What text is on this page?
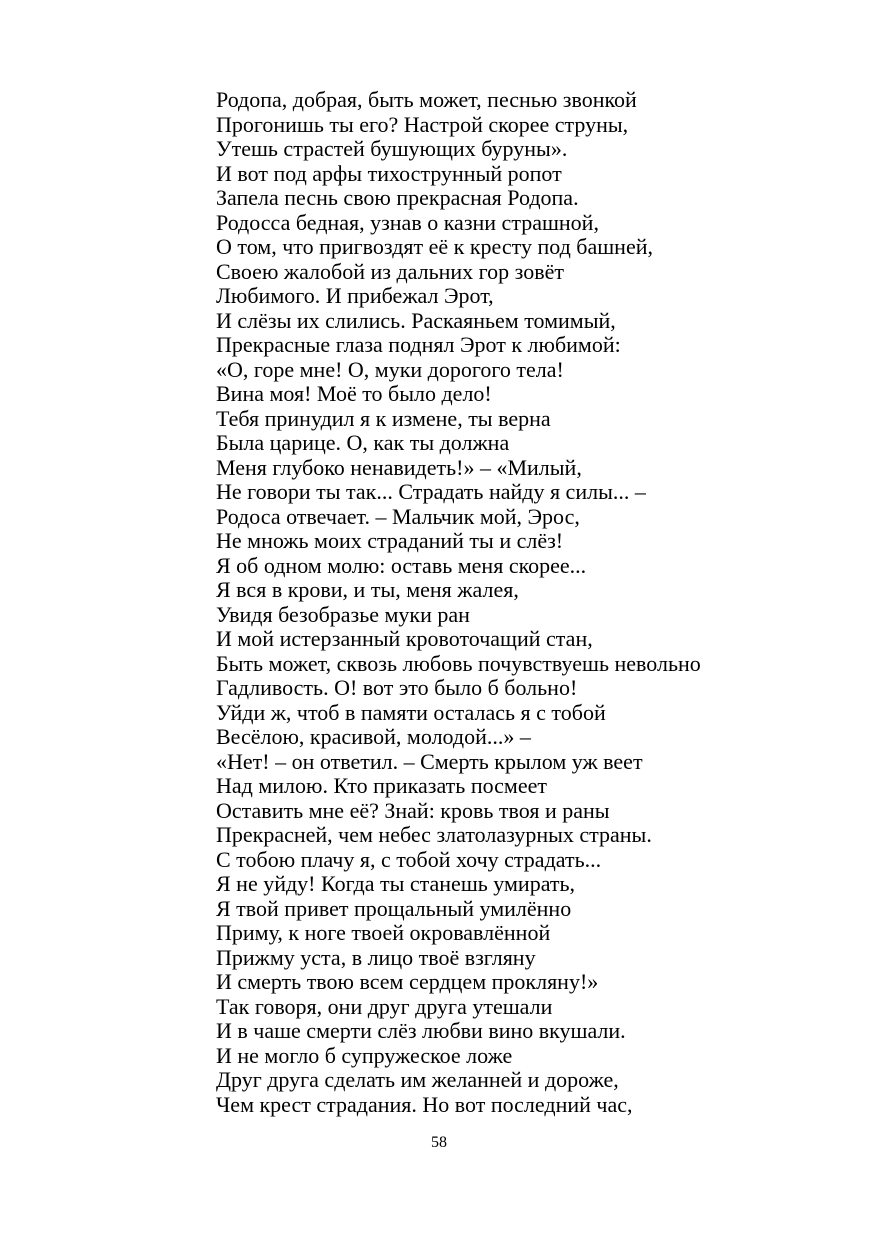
Родопа, добрая, быть может, песнью звонкой
Прогонишь ты его? Настрой скорее струны,
Утешь страстей бушующих буруны».
И вот под арфы тихострунный ропот
Запела песнь свою прекрасная Родопа.
Родосса бедная, узнав о казни страшной,
О том, что пригвоздят её к кресту под башней,
Своею жалобой из дальних гор зовёт
Любимого. И прибежал Эрот,
И слёзы их слились. Раскаяньем томимый,
Прекрасные глаза поднял Эрот к любимой:
«О, горе мне! О, муки дорогого тела!
Вина моя! Моё то было дело!
Тебя принудил я к измене, ты верна
Была царице. О, как ты должна
Меня глубоко ненавидеть!» – «Милый,
Не говори ты так... Страдать найду я силы... –
Родоса отвечает. – Мальчик мой, Эрос,
Не множь моих страданий ты и слёз!
Я об одном молю: оставь меня скорее...
Я вся в крови, и ты, меня жалея,
Увидя безобразье муки ран
И мой истерзанный кровоточащий стан,
Быть может, сквозь любовь почувствуешь невольно
Гадливость. О! вот это было б больно!
Уйди ж, чтоб в памяти осталась я с тобой
Весёлою, красивой, молодой...» –
«Нет! – он ответил. – Смерть крылом уж веет
Над милою. Кто приказать посмеет
Оставить мне её? Знай: кровь твоя и раны
Прекрасней, чем небес златолазурных страны.
С тобою плачу я, с тобой хочу страдать...
Я не уйду! Когда ты станешь умирать,
Я твой привет прощальный умилённо
Приму, к ноге твоей окровавлённой
Прижму уста, в лицо твоё взгляну
И смерть твою всем сердцем прокляну!»
Так говоря, они друг друга утешали
И в чаше смерти слёз любви вино вкушали.
И не могло б супружеское ложе
Друг друга сделать им желанней и дороже,
Чем крест страдания. Но вот последний час,
58
